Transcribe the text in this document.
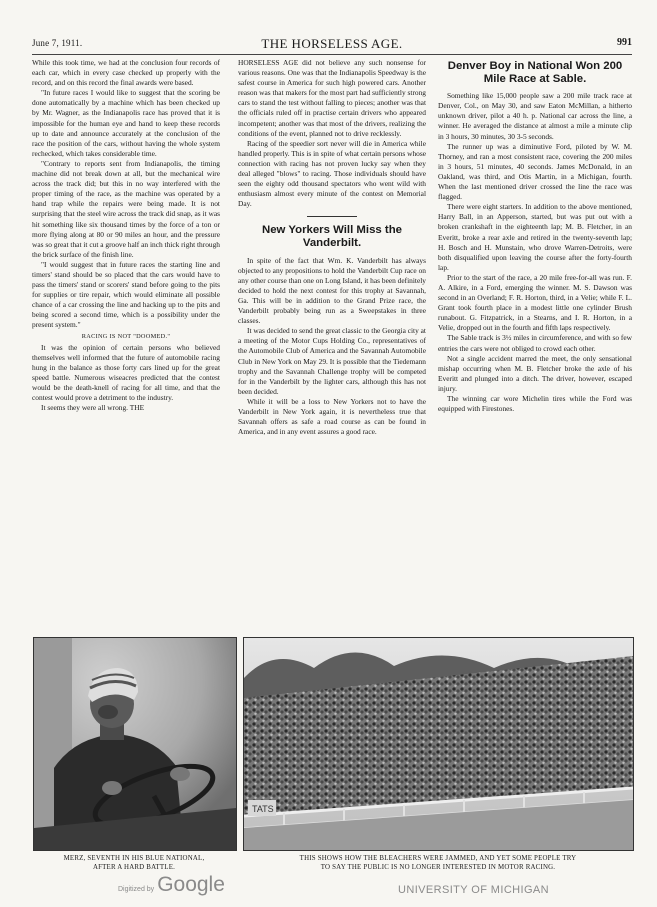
June 7, 1911.	THE HORSELESS AGE.	991

While this took time, we had at the conclusion four records of each car, which in every case checked up properly with the record, and on this record the final awards were based.

"In future races I would like to suggest that the scoring be done automatically by a machine which has been checked up by Mr. Wagner, as the Indianapolis race has proved that it is impossible for the human eye and hand to keep these records up to date and announce accurately at the conclusion of the race the position of the cars, without having the whole system rechecked, which takes considerable time.

"Contrary to reports sent from Indianapolis, the timing machine did not break down at all, but the mechanical wire across the track did; but this in no way interfered with the proper timing of the race, as the machine was operated by a hand trap while the repairs were being made. It is not surprising that the steel wire across the track did snap, as it was hit something like six thousand times by the force of a ton or more flying along at 80 or 90 miles an hour, and the pressure was so great that it cut a groove half an inch thick right through the brick surface of the finish line.

"I would suggest that in future races the starting line and timers' stand should be so placed that the cars would have to pass the timers' stand or scorers' stand before going to the pits for supplies or tire repair, which would eliminate all possible chance of a car crossing the line and hacking up to the pits and being scored a second time, which is a possibility under the present system."

RACING IS NOT "DOOMED."

It was the opinion of certain persons who believed themselves well informed that the future of automobile racing hung in the balance as those forty cars lined up for the great speed battle. Numerous wiseacres predicted that the contest would be the death-knell of racing for all time, and that the contest would prove a detriment to the industry.

It seems they were all wrong. THE

HORSELESS AGE did not believe any such nonsense for various reasons. One was that the Indianapolis Speedway is the safest course in America for such high powered cars. Another reason was that makers for the most part had sufficiently strong cars to stand the test without falling to pieces; another was that the officials ruled off in practise certain drivers who appeared incompetent; another was that most of the drivers, realizing the conditions of the event, planned not to drive recklessly.

Racing of the speedier sort never will die in America while handled properly. This is in spite of what certain persons whose connection with racing has not proven lucky say when they deal alleged "blows" to racing. Those individuals should have seen the eighty odd thousand spectators who went wild with enthusiasm almost every minute of the contest on Memorial Day.

New Yorkers Will Miss the Vanderbilt.

In spite of the fact that Wm. K. Vanderbilt has always objected to any propositions to hold the Vanderbilt Cup race on any other course than one on Long Island, it has been definitely decided to hold the next contest for this trophy at Savannah, Ga. This will be in addition to the Grand Prize race, the Vanderbilt probably being run as a Sweepstakes in three classes.

It was decided to send the great classic to the Georgia city at a meeting of the Motor Cups Holding Co., representatives of the Automobile Club of America and the Savannah Automobile Club in New York on May 29. It is possible that the Tiedemann trophy and the Savannah Challenge trophy will be competed for in the Vanderbilt by the lighter cars, although this has not been decided.

While it will be a loss to New Yorkers not to have the Vanderbilt in New York again, it is nevertheless true that Savannah offers as safe a road course as can be found in America, and in any event assures a good race.

Denver Boy in National Won 200 Mile Race at Sable.

Something like 15,000 people saw a 200 mile track race at Denver, Col., on May 30, and saw Eaton McMillan, a hitherto unknown driver, pilot a 40 h. p. National car across the line, a winner. He averaged the distance at almost a mile a minute clip in 3 hours, 30 minutes, 30 3-5 seconds.

The runner up was a diminutive Ford, piloted by W. M. Thorney, and ran a most consistent race, covering the 200 miles in 3 hours, 51 minutes, 40 seconds. James McDonald, in an Oakland, was third, and Otis Martin, in a Michigan, fourth. When the last mentioned driver crossed the line the race was flagged.

There were eight starters. In addition to the above mentioned, Harry Ball, in an Apperson, started, but was put out with a broken crankshaft in the eighteenth lap; M. B. Fletcher, in an Everitt, broke a rear axle and retired in the twenty-seventh lap; H. Bosch and H. Munstain, who drove Warren-Detroits, were both disqualified upon leaving the course after the forty-fourth lap.

Prior to the start of the race, a 20 mile free-for-all was run. F. A. Alkire, in a Ford, emerging the winner. M. S. Dawson was second in an Overland; F. R. Horton, third, in a Velie; while F. L. Grant took fourth place in a modest little one cylinder Brush runabout. G. Fitzpatrick, in a Stearns, and I. R. Horton, in a Velie, dropped out in the fourth and fifth laps respectively.

The Sable track is 3½ miles in circumference, and with so few entries the cars were not obliged to crowd each other.

Not a single accident marred the meet, the only sensational mishap occurring when M. B. Fletcher broke the axle of his Everitt and plunged into a ditch. The driver, however, escaped injury.

The winning car wore Michelin tires while the Ford was equipped with Firestones.

TATS
MERZ, SEVENTH IN HIS BLUE NATIONAL,
AFTER A HARD BATTLE.
THIS SHOWS HOW THE BLEACHERS WERE JAMMED, AND YET SOME PEOPLE TRY
TO SAY THE PUBLIC IS NO LONGER INTERESTED IN MOTOR RACING.
Digitized by Google	UNIVERSITY OF MICHIGAN
